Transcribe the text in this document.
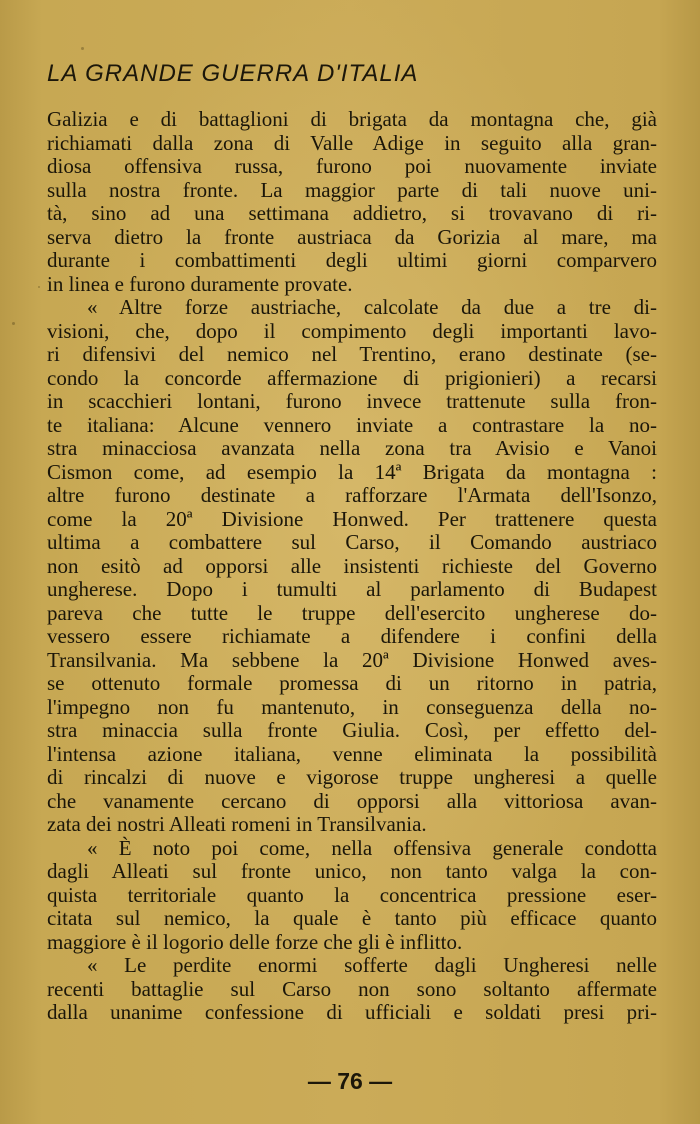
LA GRANDE GUERRA D'ITALIA
Galizia e di battaglioni di brigata da montagna che, già
richiamati dalla zona di Valle Adige in seguito alla gran-
diosa offensiva russa, furono poi nuovamente inviate
sulla nostra fronte. La maggior parte di tali nuove uni-
tà, sino ad una settimana addietro, si trovavano di ri-
serva dietro la fronte austriaca da Gorizia al mare, ma
durante i combattimenti degli ultimi giorni comparvero
in linea e furono duramente provate.
« Altre forze austriache, calcolate da due a tre di-
visioni, che, dopo il compimento degli importanti lavo-
ri difensivi del nemico nel Trentino, erano destinate (se-
condo la concorde affermazione di prigionieri) a recarsi
in scacchieri lontani, furono invece trattenute sulla fron-
te italiana: Alcune vennero inviate a contrastare la no-
stra minacciosa avanzata nella zona tra Avisio e Vanoi
Cismon come, ad esempio la 14ª Brigata da montagna :
altre furono destinate a rafforzare l'Armata dell'Isonzo,
come la 20ª Divisione Honwed. Per trattenere questa
ultima a combattere sul Carso, il Comando austriaco
non esitò ad opporsi alle insistenti richieste del Governo
ungherese. Dopo i tumulti al parlamento di Budapest
pareva che tutte le truppe dell'esercito ungherese do-
vessero essere richiamate a difendere i confini della
Transilvania. Ma sebbene la 20ª Divisione Honwed aves-
se ottenuto formale promessa di un ritorno in patria,
l'impegno non fu mantenuto, in conseguenza della no-
stra minaccia sulla fronte Giulia. Così, per effetto del-
l'intensa azione italiana, venne eliminata la possibilità
di rincalzi di nuove e vigorose truppe ungheresi a quelle
che vanamente cercano di opporsi alla vittoriosa avan-
zata dei nostri Alleati romeni in Transilvania.
« È noto poi come, nella offensiva generale condotta
dagli Alleati sul fronte unico, non tanto valga la con-
quista territoriale quanto la concentrica pressione eser-
citata sul nemico, la quale è tanto più efficace quanto
maggiore è il logorio delle forze che gli è inflitto.
« Le perdite enormi sofferte dagli Ungheresi nelle
recenti battaglie sul Carso non sono soltanto affermate
dalla unanime confessione di ufficiali e soldati presi pri-
— 76 —
